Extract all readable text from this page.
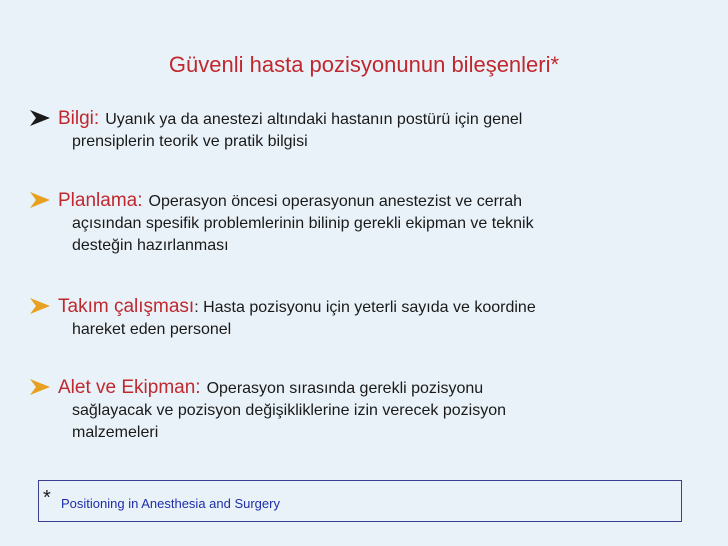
Güvenli hasta pozisyonunun bileşenleri*
Bilgi: Uyanık ya da anestezi altındaki hastanın postürü için genel
prensiplerin teorik ve pratik bilgisi
Planlama: Operasyon öncesi operasyonun anestezist ve cerrah
açısından spesifik problemlerinin bilinip gerekli ekipman ve teknik
desteğin hazırlanması
Takım çalışması : Hasta pozisyonu için yeterli sayıda ve koordine
hareket eden personel
Alet ve Ekipman: Operasyon sırasında gerekli pozisyonu
sağlayacak ve pozisyon değişikliklerine izin verecek pozisyon
malzemeleri
* Positioning in Anesthesia and Surgery
